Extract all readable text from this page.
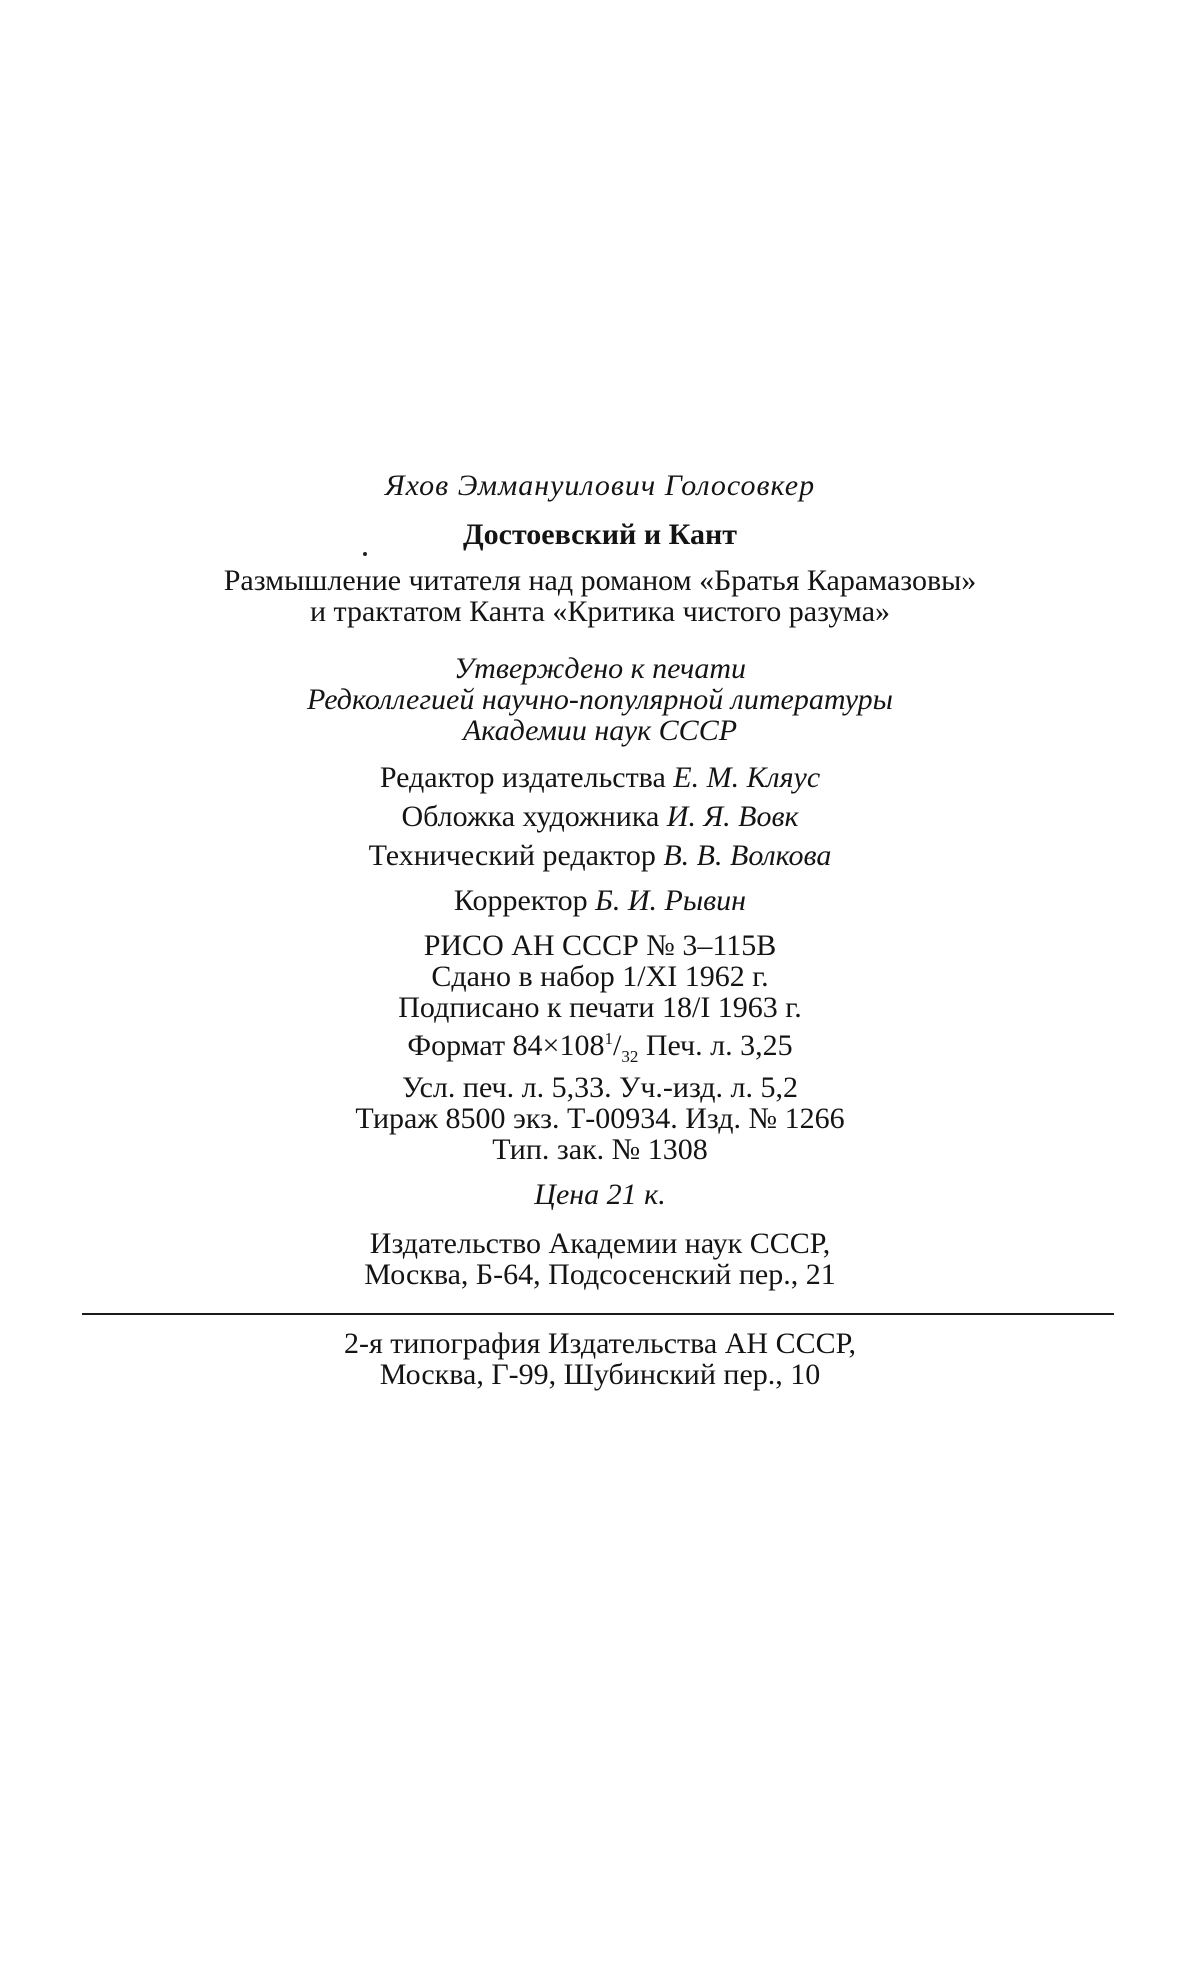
Яхов Эммануилович Голосовкер
Достоевский и Кант
Размышление читателя над романом «Братья Карамазовы»
и трактатом Канта «Критика чистого разума»
Утверждено к печати
Редколлегией научно-популярной литературы
Академии наук СССР
Редактор издательства Е. М. Кляус
Обложка художника И. Я. Вовк
Технический редактор В. В. Волкова
Корректор Б. И. Рывин
РИСО АН СССР № 3–115В
Сдано в набор 1/XI 1962 г.
Подписано к печати 18/I 1963 г.
Формат $84\times 108^1/_{32}$ Печ. л. 3,25
Усл. печ. л. 5,33. Уч.-изд. л. 5,2
Тираж 8500 экз. Т-00934. Изд. № 1266
Тип. зак. № 1308
Цена 21 к.
Издательство Академии наук СССР,
Москва, Б-64, Подсосенский пер., 21
2-я типография Издательства АН СССР,
Москва, Г-99, Шубинский пер., 10
